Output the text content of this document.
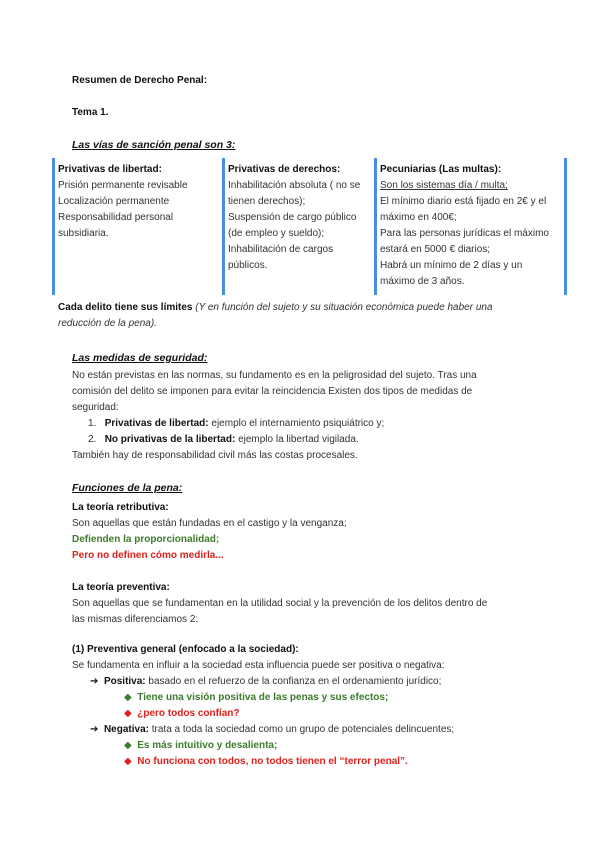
Resumen de Derecho Penal:
Tema 1.
Las vías de sanción penal son 3:
Privativas de libertad:
Prisión permanente revisable
Localización permanente
Responsabilidad personal
subsidiaria.
Privativas de derechos:
Inhabilitación absoluta ( no se
tienen derechos);
Suspensión de cargo público
(de empleo y sueldo);
Inhabilitación de cargos
públicos.
Pecuniarias (Las multas):
Son los sistemas día / multa;
El mínimo diario está fijado en 2€ y el
máximo en 400€;
Para las personas jurídicas el máximo
estará en 5000 € diarios;
Habrá un mínimo de 2 días y un
máximo de 3 años.
Cada delito tiene sus límites (Y en función del sujeto y su situación económica puede haber una
reducción de la pena).
Las medidas de seguridad:
No están previstas en las normas, su fundamento es en la peligrosidad del sujeto. Tras una
comisión del delito se imponen para evitar la reincidencia Existen dos tipos de medidas de
seguridad:
1. Privativas de libertad: ejemplo el internamiento psiquiátrico y;
2. No privativas de la libertad: ejemplo la libertad vigilada.
También hay de responsabilidad civil más las costas procesales.
Funciones de la pena:
La teoría retributiva:
Son aquellas que están fundadas en el castigo y la venganza;
Defienden la proporcionalidad;
Pero no definen cómo medirla...
La teoría preventiva:
Son aquellas que se fundamentan en la utilidad social y la prevención de los delitos dentro de
las mismas diferenciamos 2:
(1) Preventiva general (enfocado a la sociedad):
Se fundamenta en influir a la sociedad esta influencia puede ser positiva o negativa:
➔ Positiva: basado en el refuerzo de la confianza en el ordenamiento jurídico;
◆ Tiene una visión positiva de las penas y sus efectos;
◆ ¿pero todos confían?
➔ Negativa: trata a toda la sociedad como un grupo de potenciales delincuentes;
◆ Es más intuitivo y desalienta;
◆ No funciona con todos, no todos tienen el “terror penal”.
